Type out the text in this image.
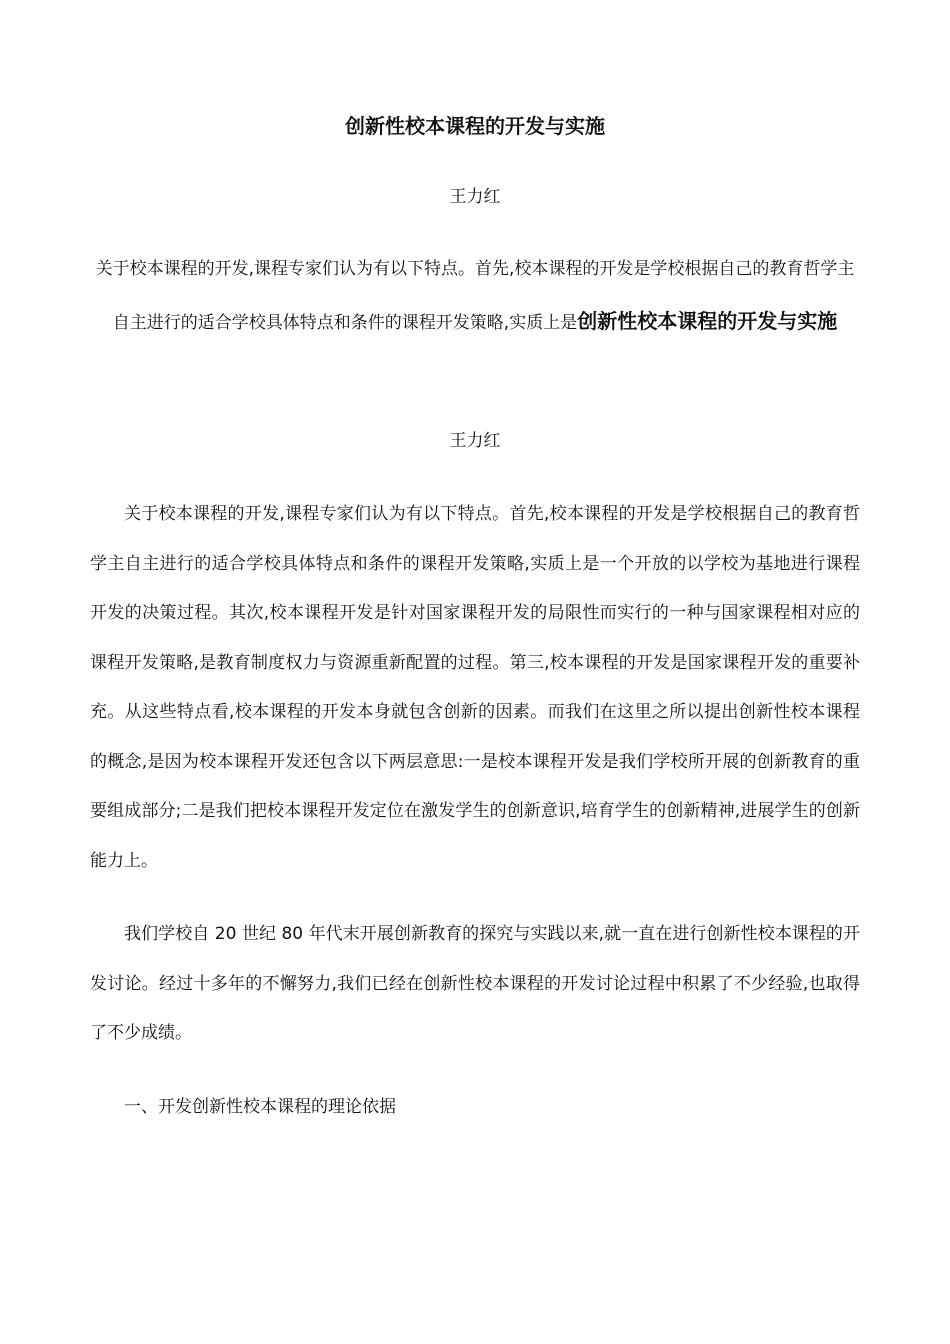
创新性校本课程的开发与实施
王力红
关于校本课程的开发,课程专家们认为有以下特点。首先,校本课程的开发是学校根据自己的教育哲学主自主进行的适合学校具体特点和条件的课程开发策略,实质上是创新性校本课程的开发与实施
王力红
关于校本课程的开发,课程专家们认为有以下特点。首先,校本课程的开发是学校根据自己的教育哲学主自主进行的适合学校具体特点和条件的课程开发策略,实质上是一个开放的以学校为基地进行课程开发的决策过程。其次,校本课程开发是针对国家课程开发的局限性而实行的一种与国家课程相对应的课程开发策略,是教育制度权力与资源重新配置的过程。第三,校本课程的开发是国家课程开发的重要补充。从这些特点看,校本课程的开发本身就包含创新的因素。而我们在这里之所以提出创新性校本课程的概念,是因为校本课程开发还包含以下两层意思:一是校本课程开发是我们学校所开展的创新教育的重要组成部分;二是我们把校本课程开发定位在激发学生的创新意识,培育学生的创新精神,进展学生的创新能力上。
我们学校自 20 世纪 80 年代末开展创新教育的探究与实践以来,就一直在进行创新性校本课程的开发讨论。经过十多年的不懈努力,我们已经在创新性校本课程的开发讨论过程中积累了不少经验,也取得了不少成绩。
一、开发创新性校本课程的理论依据
